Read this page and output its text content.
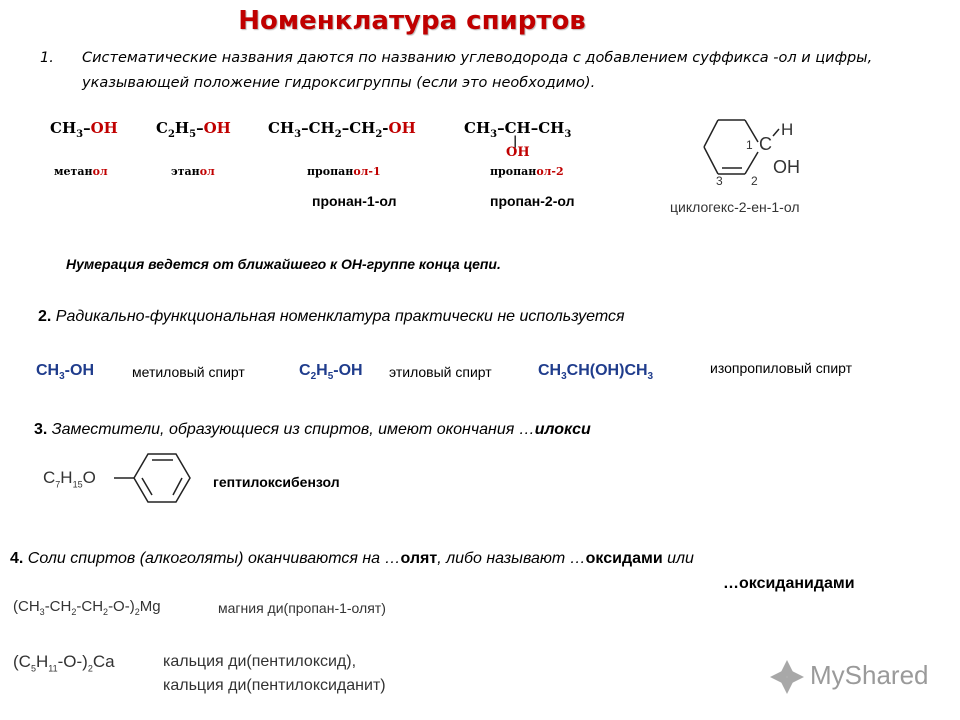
Номенклатура спиртов
1. Систематические названия даются по названию углеводорода с добавлением суффикса -ол и цифры, указывающей положение гидроксигруппы (если это необходимо).
$CH_3-OH$
метанол
$C_2H_5-OH$
этанол
$CH_3-CH_2-CH_2-OH$
пропанол-1
$CH_3-CH-CH_3$
|
OH
пропанол-2
пронан-1-ол	пропан-2-ол
H
C
OH
1
2
3
циклогекс-2-ен-1-ол
Нумерация ведется от ближайшего к ОН-группе конца цепи.
2. Радикально-функциональная номенклатура практически не используется
$CH_3-OH$	метиловый спирт	$C_2H_5-OH$ этиловый спирт	$CH_3CH(OH)CH_3$
изопропиловый спирт
3. Заместители, образующиеся из спиртов, имеют окончания …илокси
$C_7H_{15}O$	гептилоксибензол
4. Соли спиртов (алкоголяты) оканчиваются на …олят, либо называют …оксидами или
…оксиданидами
$(CH_3-CH_2-CH_2-O-)_2Mg$	магния ди(пропан-1-олят)
$(C_5H_{11}-O-)_2Ca$	кальция ди(пентилоксид),
кальция ди(пентилоксиданит)	MyShared
